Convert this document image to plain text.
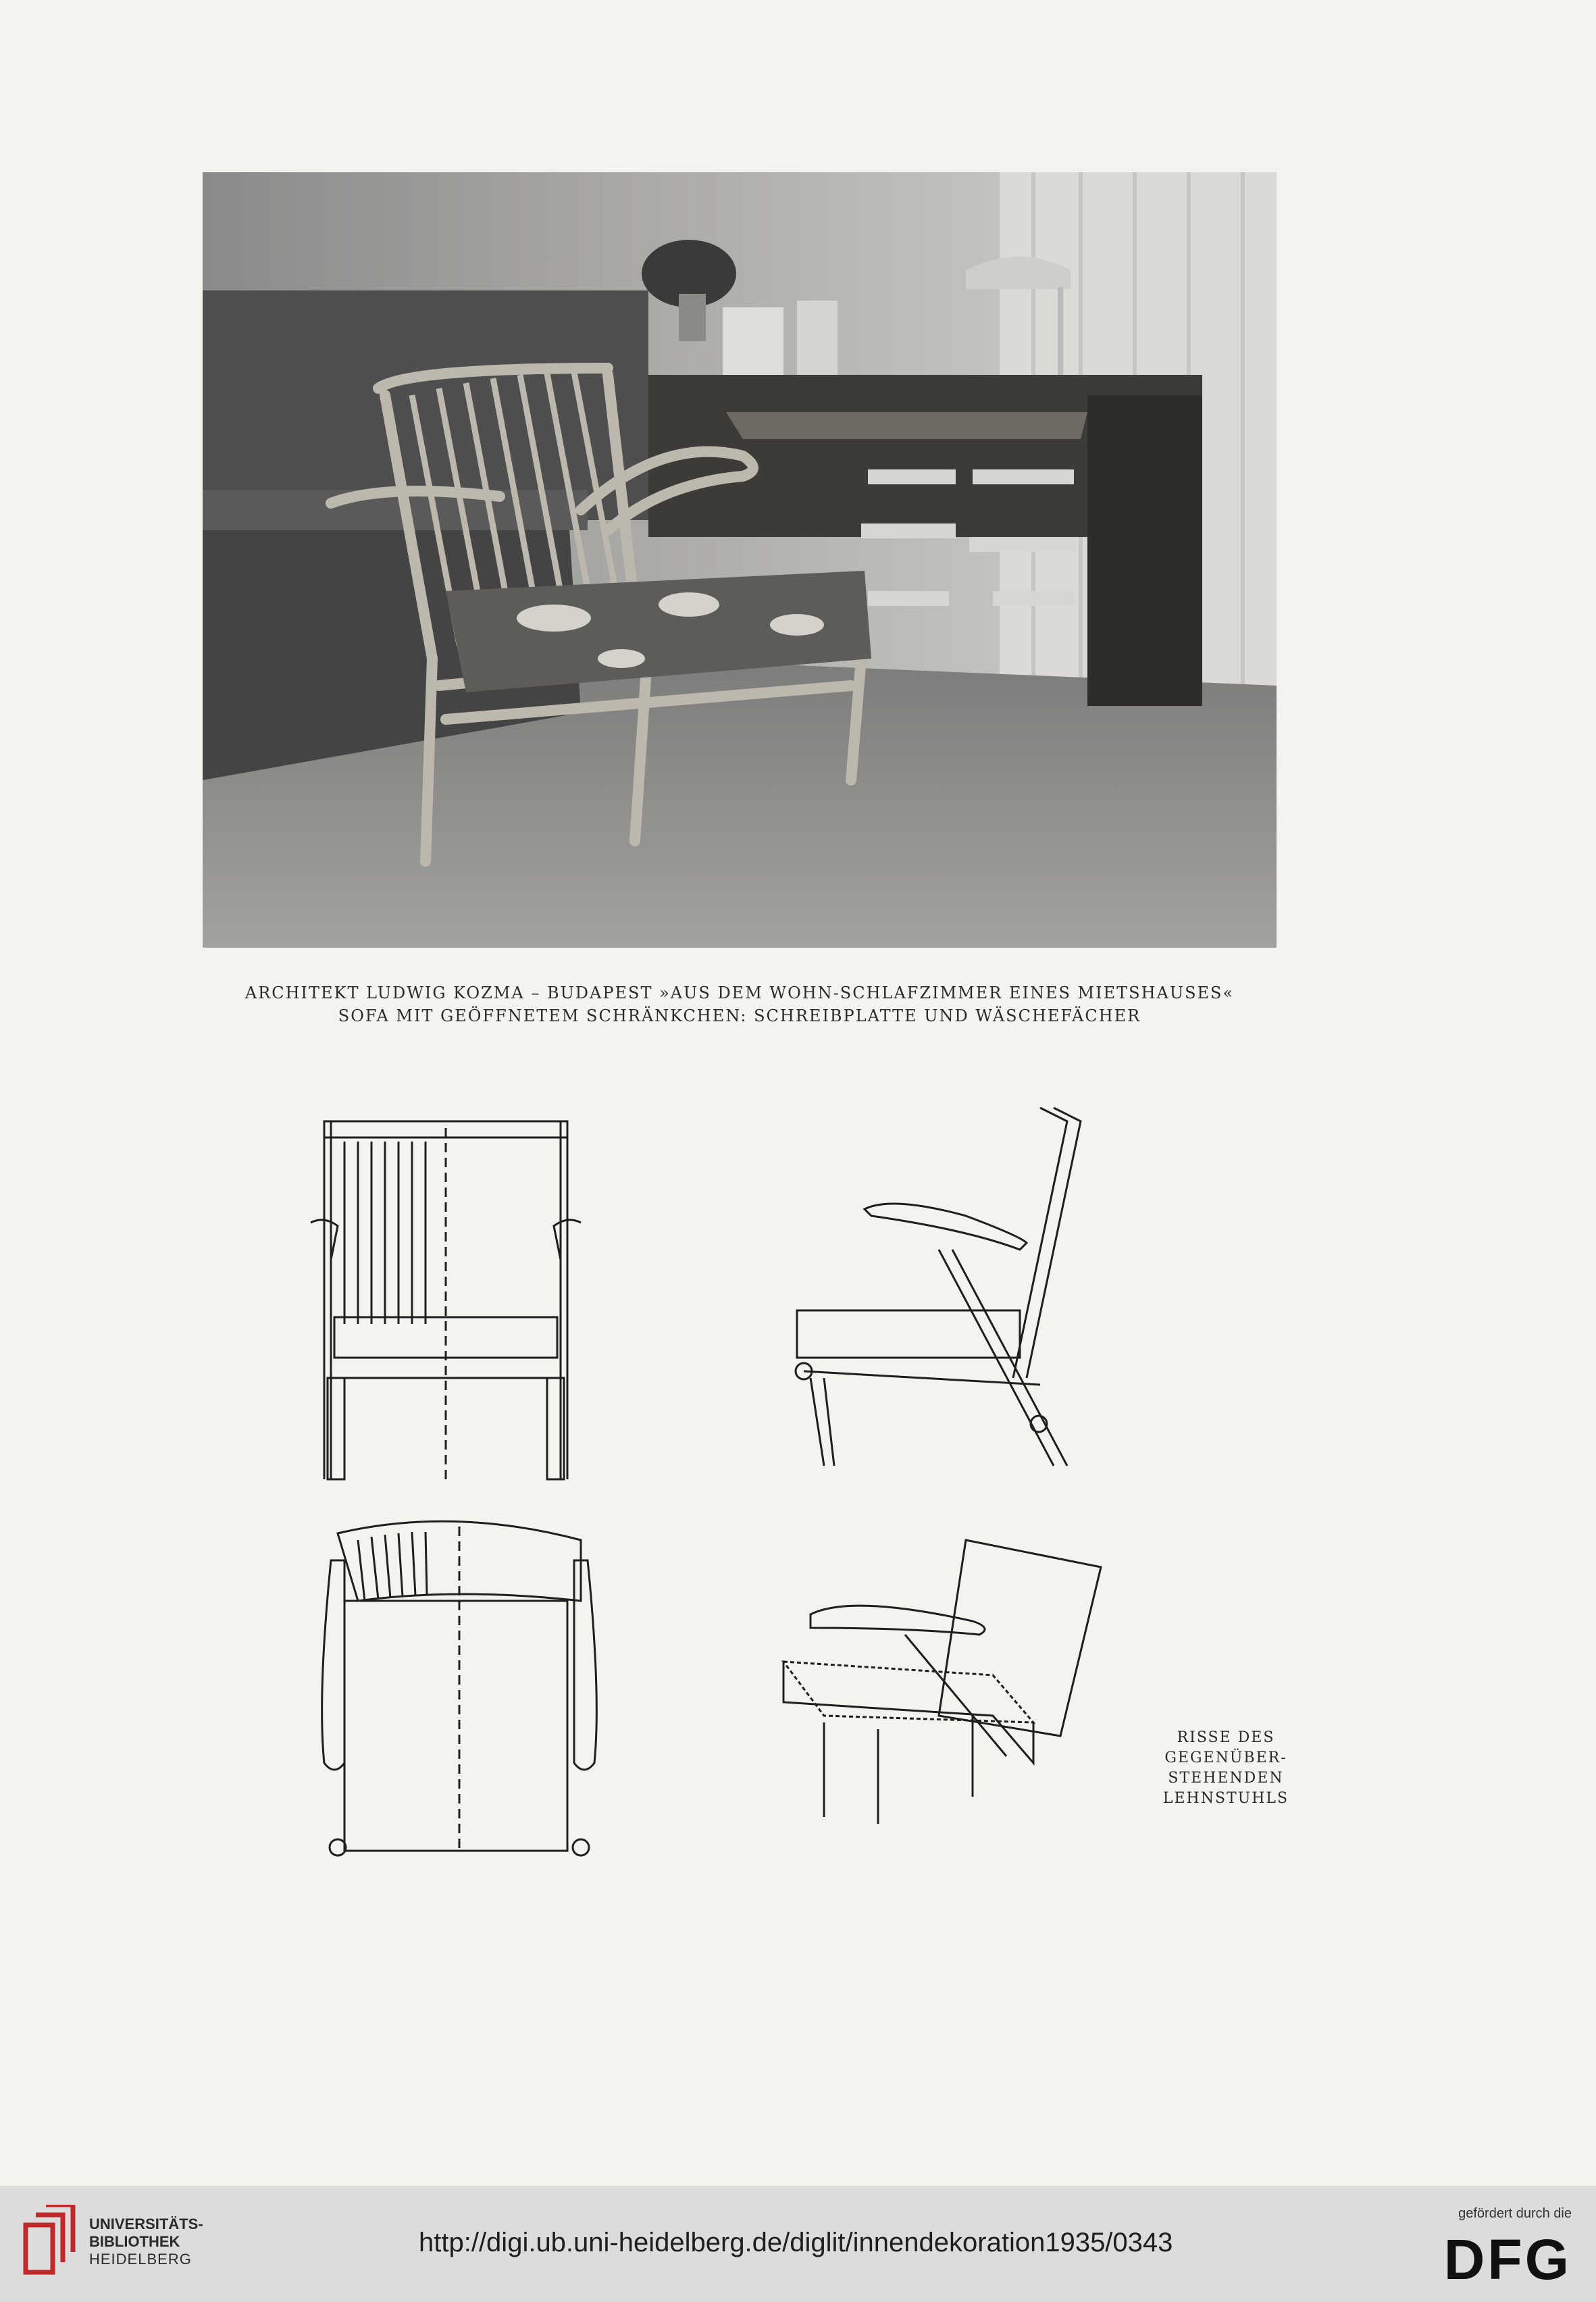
ARCHITEKT LUDWIG KOZMA – BUDAPEST »AUS DEM WOHN-SCHLAFZIMMER EINES MIETSHAUSES«
SOFA MIT GEÖFFNETEM SCHRÄNKCHEN: SCHREIBPLATTE UND WÄSCHEFÄCHER
RISSE DES
GEGENÜBER-
STEHENDEN
LEHNSTUHLS
UNIVERSITÄTS-
BIBLIOTHEK
HEIDELBERG
http://digi.ub.uni-heidelberg.de/diglit/innendekoration1935/0343
gefördert durch die
DFG
